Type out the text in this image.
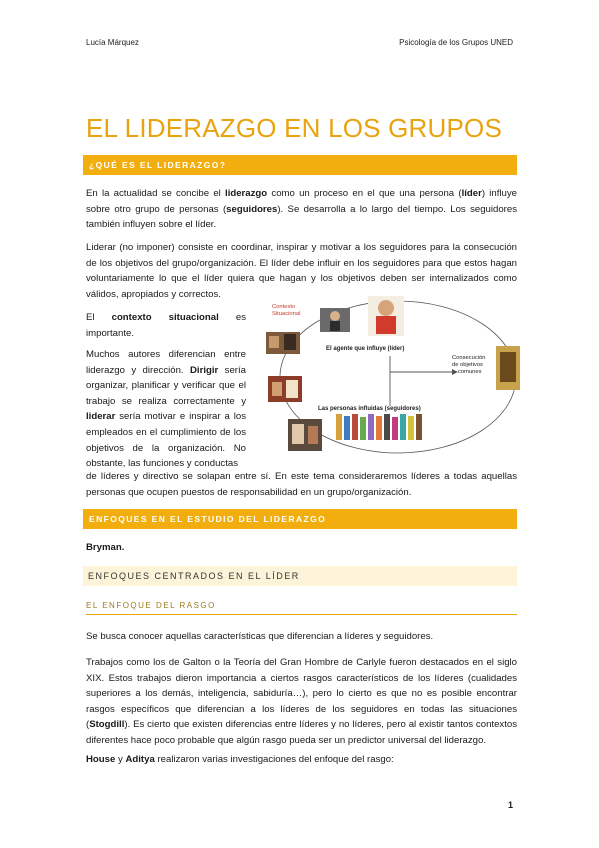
Lucía Márquez	Psicología de los Grupos UNED
EL LIDERAZGO EN LOS GRUPOS
¿QUÉ ES EL LIDERAZGO?

En la actualidad se concibe el liderazgo como un proceso en el que una persona (líder) influye sobre otro grupo de personas (seguidores). Se desarrolla a lo largo del tiempo. Los seguidores también influyen sobre el líder.

Liderar (no imponer) consiste en coordinar, inspirar y motivar a los seguidores para la consecución de los objetivos del grupo/organización. El líder debe influir en los seguidores para que estos hagan voluntariamente lo que el líder quiera que hagan y los objetivos deben ser internalizados como válidos, apropiados y correctos.

El contexto situacional es importante.

Muchos autores diferencian entre liderazgo y dirección. Dirigir sería organizar, planificar y verificar que el trabajo se realiza correctamente y liderar sería motivar e inspirar a los empleados en el cumplimiento de los objetivos de la organización. No obstante, las funciones y conductas

Contexto
Situacional
El agente que influye (líder)
Consecución
de objetivos
comunes
Las personas influidas (seguidores)

de líderes y directivo se solapan entre sí. En este tema consideraremos líderes a todas aquellas personas que ocupen puestos de responsabilidad en un grupo/organización.

ENFOQUES EN EL ESTUDIO DEL LIDERAZGO

Bryman.

ENFOQUES CENTRADOS EN EL LÍDER
EL ENFOQUE DEL RASGO

Se busca conocer aquellas características que diferencian a líderes y seguidores.

Trabajos como los de Galton o la Teoría del Gran Hombre de Carlyle fueron destacados en el siglo XIX. Estos trabajos dieron importancia a ciertos rasgos característicos de los líderes (cualidades superiores a los demás, inteligencia, sabiduría…), pero lo cierto es que no es posible encontrar rasgos específicos que diferencian a los líderes de los seguidores en todas las situaciones (Stogdill). Es cierto que existen diferencias entre líderes y no líderes, pero al existir tantos contextos diferentes hace poco probable que algún rasgo pueda ser un predictor universal del liderazgo.

House y Aditya realizaron varias investigaciones del enfoque del rasgo:

1
